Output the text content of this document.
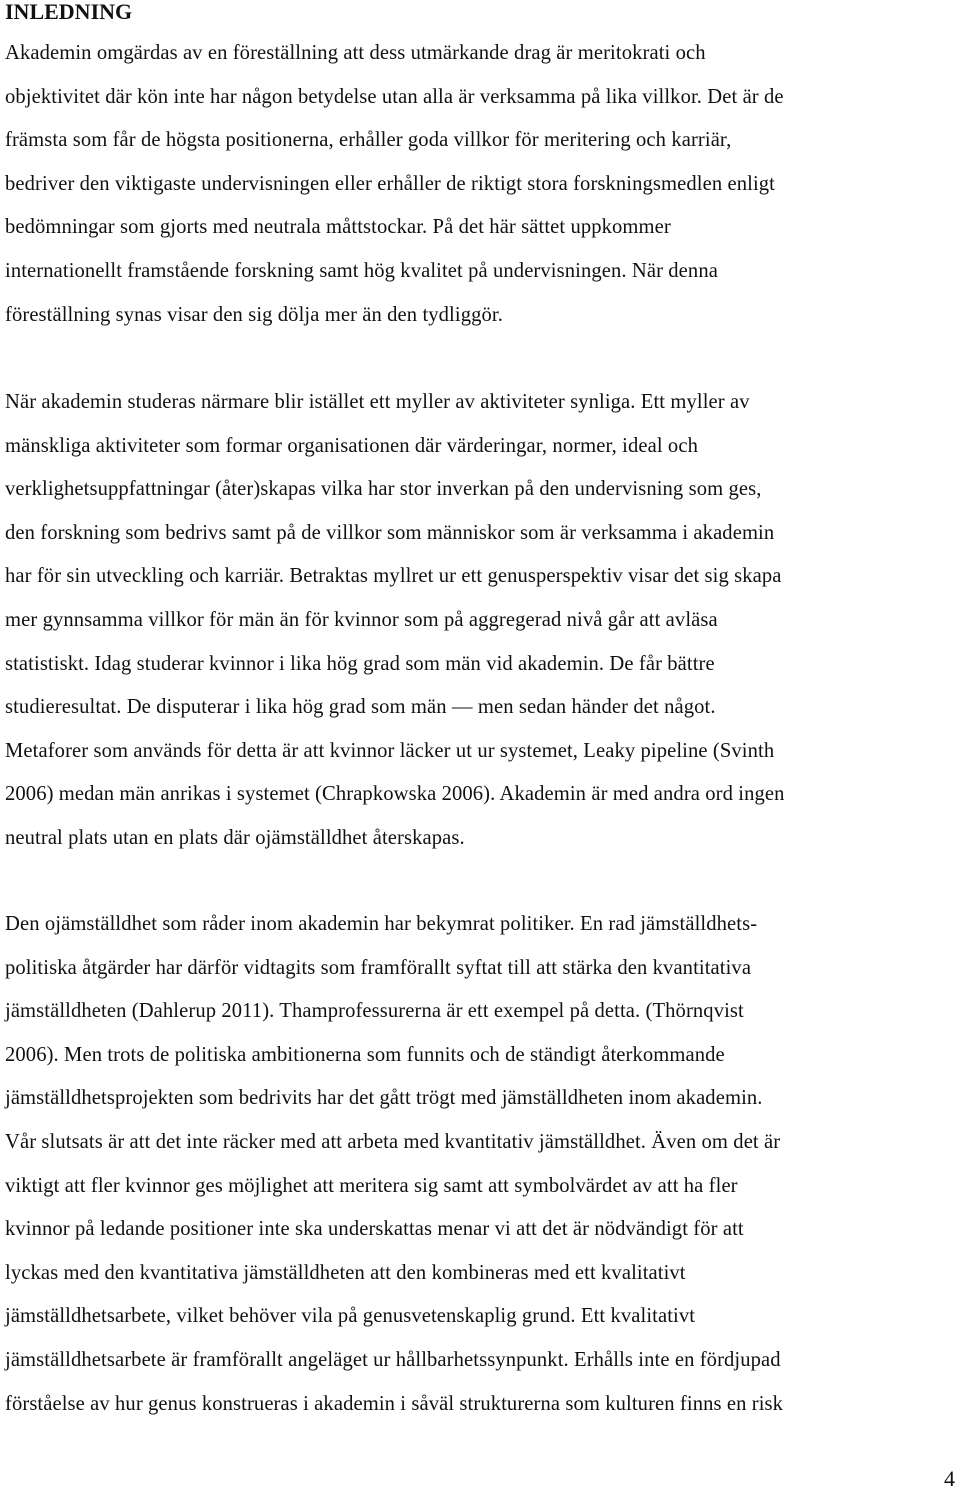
INLEDNING

Akademin omgärdas av en föreställning att dess utmärkande drag är meritokrati och
objektivitet där kön inte har någon betydelse utan alla är verksamma på lika villkor. Det är de
främsta som får de högsta positionerna, erhåller goda villkor för meritering och karriär,
bedriver den viktigaste undervisningen eller erhåller de riktigt stora forskningsmedlen enligt
bedömningar som gjorts med neutrala måttstockar. På det här sättet uppkommer
internationellt framstående forskning samt hög kvalitet på undervisningen. När denna
föreställning synas visar den sig dölja mer än den tydliggör.

När akademin studeras närmare blir istället ett myller av aktiviteter synliga. Ett myller av
mänskliga aktiviteter som formar organisationen där värderingar, normer, ideal och
verklighetsuppfattningar (åter)skapas vilka har stor inverkan på den undervisning som ges,
den forskning som bedrivs samt på de villkor som människor som är verksamma i akademin
har för sin utveckling och karriär. Betraktas myllret ur ett genusperspektiv visar det sig skapa
mer gynnsamma villkor för män än för kvinnor som på aggregerad nivå går att avläsa
statistiskt. Idag studerar kvinnor i lika hög grad som män vid akademin. De får bättre
studieresultat. De disputerar i lika hög grad som män — men sedan händer det något.
Metaforer som används för detta är att kvinnor läcker ut ur systemet, Leaky pipeline (Svinth
2006) medan män anrikas i systemet (Chrapkowska 2006). Akademin är med andra ord ingen
neutral plats utan en plats där ojämställdhet återskapas.

Den ojämställdhet som råder inom akademin har bekymrat politiker. En rad jämställdhets-
politiska åtgärder har därför vidtagits som framförallt syftat till att stärka den kvantitativa
jämställdheten (Dahlerup 2011). Thamprofessurerna är ett exempel på detta. (Thörnqvist
2006). Men trots de politiska ambitionerna som funnits och de ständigt återkommande
jämställdhetsprojekten som bedrivits har det gått trögt med jämställdheten inom akademin.
Vår slutsats är att det inte räcker med att arbeta med kvantitativ jämställdhet. Även om det är
viktigt att fler kvinnor ges möjlighet att meritera sig samt att symbolvärdet av att ha fler
kvinnor på ledande positioner inte ska underskattas menar vi att det är nödvändigt för att
lyckas med den kvantitativa jämställdheten att den kombineras med ett kvalitativt
jämställdhetsarbete, vilket behöver vila på genusvetenskaplig grund. Ett kvalitativt
jämställdhetsarbete är framförallt angeläget ur hållbarhetssynpunkt. Erhålls inte en fördjupad
förståelse av hur genus konstrueras i akademin i såväl strukturerna som kulturen finns en risk

4
